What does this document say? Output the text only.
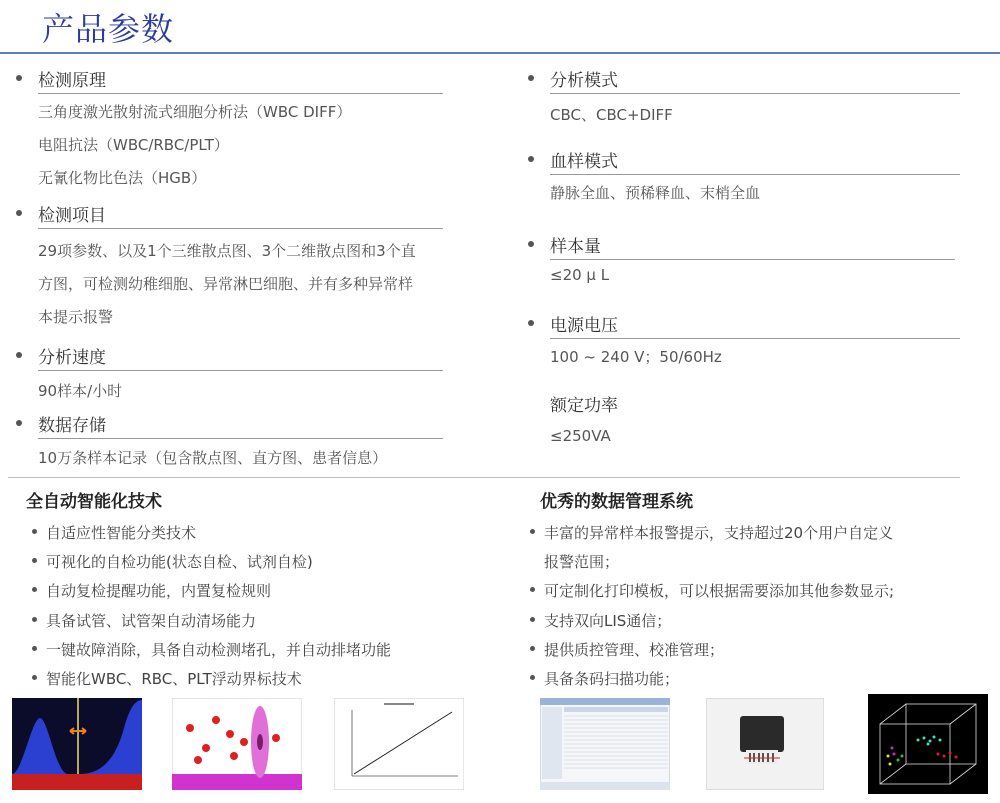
产品参数
检测原理
三角度激光散射流式细胞分析法（WBC DIFF）
电阻抗法（WBC/RBC/PLT）
无氰化物比色法（HGB）
检测项目
29项参数、以及1个三维散点图、3个二维散点图和3个直
方图，可检测幼稚细胞、异常淋巴细胞、并有多种异常样
本提示报警
分析速度
90样本/小时
数据存储
10万条样本记录（包含散点图、直方图、患者信息）
分析模式
CBC、CBC+DIFF
血样模式
静脉全血、预稀释血、末梢全血
样本量
≤20 μ L
电源电压
100 ~ 240 V；50/60Hz
额定功率
≤250VA
全自动智能化技术
自适应性智能分类技术
可视化的自检功能(状态自检、试剂自检)
自动复检提醒功能，内置复检规则
具备试管、试管架自动清场能力
一键故障消除，具备自动检测堵孔，并自动排堵功能
智能化WBC、RBC、PLT浮动界标技术
优秀的数据管理系统
丰富的异常样本报警提示，支持超过20个用户自定义
报警范围；
可定制化打印模板，可以根据需要添加其他参数显示;
支持双向LIS通信；
提供质控管理、校准管理；
具备条码扫描功能；
